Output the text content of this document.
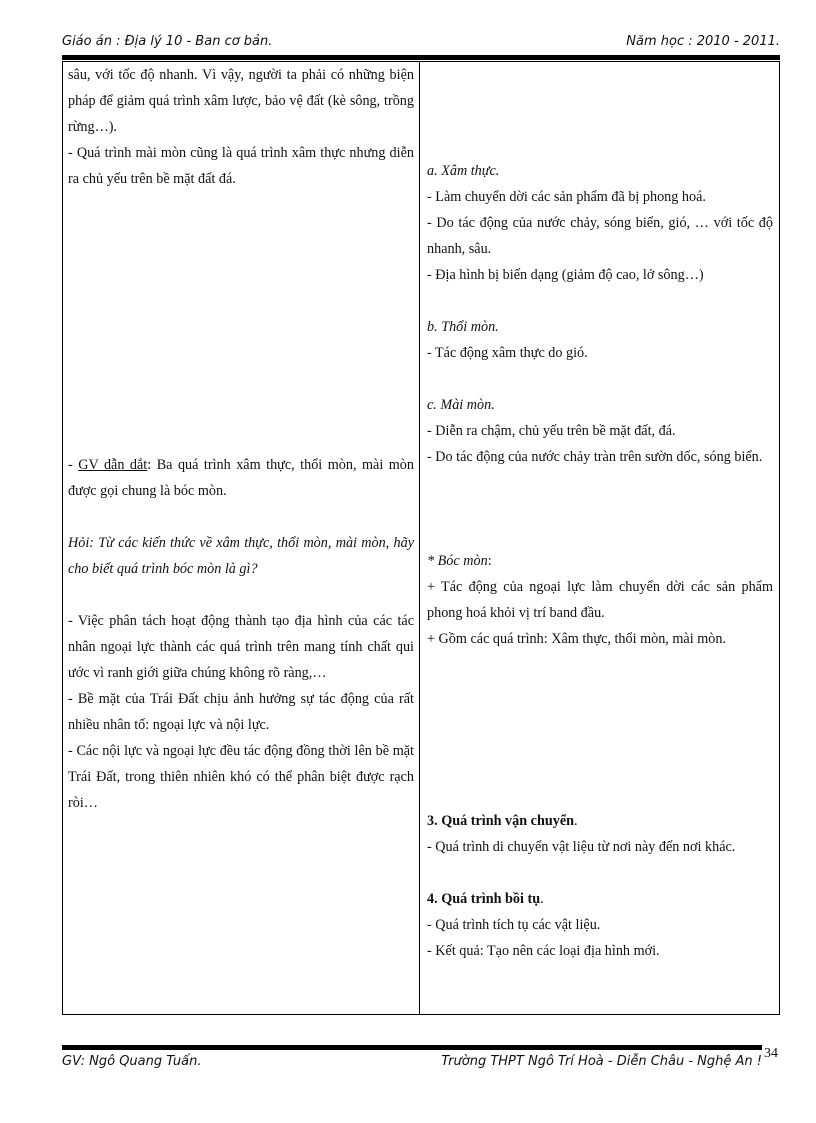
Giáo án : Địa lý 10 - Ban cơ bản.	Năm học : 2010 - 2011.

sâu, với tốc độ nhanh. Vì vậy, người ta phải có những biện pháp để giảm quá trình xâm lược, bảo vệ đất (kè sông, trồng rừng…).

- Quá trình mài mòn cũng là quá trình xâm thực nhưng diễn ra chủ yếu trên bề mặt đất đá.

- GV dẫn dắt: Ba quá trình xâm thực, thổi mòn, mài mòn được gọi chung là bóc mòn.

Hỏi: Từ các kiến thức về xâm thực, thổi mòn, mài mòn, hãy cho biết quá trình bóc mòn là gì?

- Việc phân tách hoạt động thành tạo địa hình của các tác nhân ngoại lực thành các quá trình trên mang tính chất qui ước vì ranh giới giữa chúng không rõ ràng,…

- Bề mặt của Trái Đất chịu ảnh hưởng sự tác động của rất nhiều nhân tố: ngoại lực và nội lực.

- Các nội lực và ngoại lực đều tác động đồng thời lên bề mặt Trái Đất, trong thiên nhiên khó có thể phân biệt được rạch ròi…

a. Xâm thực.

- Làm chuyển dời các sản phẩm đã bị phong hoá.

- Do tác động của nước chảy, sóng biển, gió, … với tốc độ nhanh, sâu.

- Địa hình bị biến dạng (giảm độ cao, lở sông…)

b. Thổi mòn.

- Tác động xâm thực do gió.

c. Mài mòn.

- Diễn ra chậm, chủ yếu trên bề mặt đất, đá.

- Do tác động của nước chảy tràn trên sườn dốc, sóng biển.

* Bóc mòn:

+ Tác động của ngoại lực làm chuyển dời các sản phẩm phong hoá khỏi vị trí band đầu.

+ Gồm các quá trình: Xâm thực, thổi mòn, mài mòn.

3. Quá trình vận chuyển.

- Quá trình di chuyển vật liệu từ nơi này đến nơi khác.

4. Quá trình bồi tụ.

- Quá trình tích tụ các vật liệu.

- Kết quả: Tạo nên các loại địa hình mới.

GV: Ngô Quang Tuấn.	Trường THPT Ngô Trí Hoà - Diễn Châu - Nghệ An !
34
